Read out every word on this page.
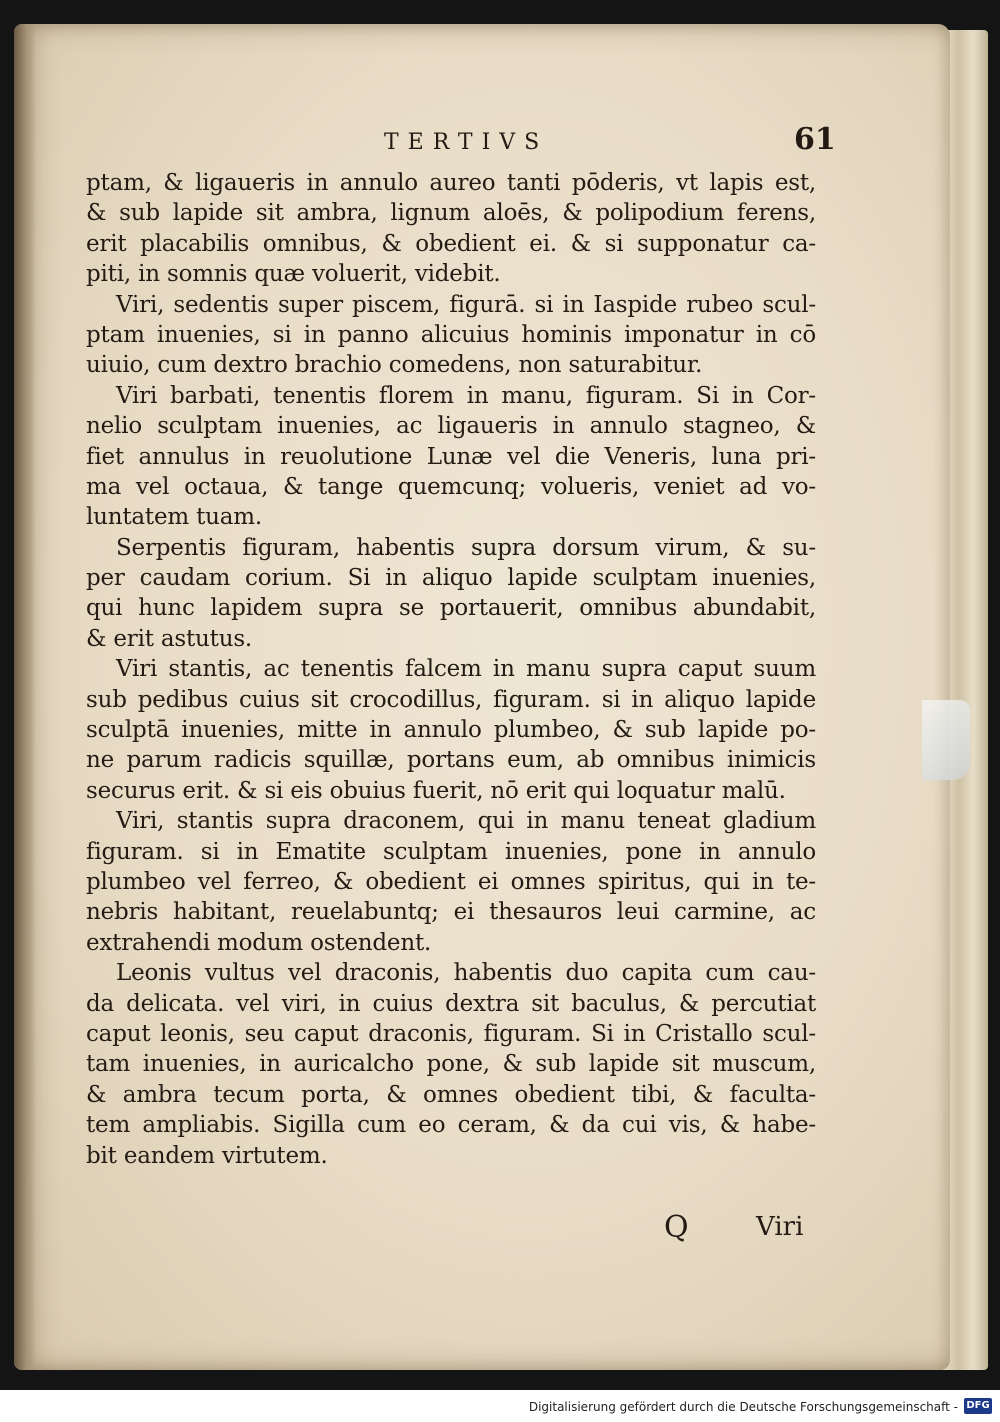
TERTIVS	61
ptam, & ligaueris in annulo aureo tanti pōderis, vt lapis est,
& sub lapide sit ambra, lignum aloēs, & polipodium ferens,
erit placabilis omnibus, & obedient ei. & si supponatur ca-
piti, in somnis quæ voluerit, videbit.
Viri, sedentis super piscem, figurā. si in Iaspide rubeo scul-
ptam inuenies, si in panno alicuius hominis imponatur in cō
uiuio, cum dextro brachio comedens, non saturabitur.
Viri barbati, tenentis florem in manu, figuram. Si in Cor-
nelio sculptam inuenies, ac ligaueris in annulo stagneo, &
fiet annulus in reuolutione Lunæ vel die Veneris, luna pri-
ma vel octaua, & tange quemcunq; volueris, veniet ad vo-
luntatem tuam.
Serpentis figuram, habentis supra dorsum virum, & su-
per caudam corium. Si in aliquo lapide sculptam inuenies,
qui hunc lapidem supra se portauerit, omnibus abundabit,
& erit astutus.
Viri stantis, ac tenentis falcem in manu supra caput suum
sub pedibus cuius sit crocodillus, figuram. si in aliquo lapide
sculptā inuenies, mitte in annulo plumbeo, & sub lapide po-
ne parum radicis squillæ, portans eum, ab omnibus inimicis
securus erit. & si eis obuius fuerit, nō erit qui loquatur malū.
Viri, stantis supra draconem, qui in manu teneat gladium
figuram. si in Ematite sculptam inuenies, pone in annulo
plumbeo vel ferreo, & obedient ei omnes spiritus, qui in te-
nebris habitant, reuelabuntq; ei thesauros leui carmine, ac
extrahendi modum ostendent.
Leonis vultus vel draconis, habentis duo capita cum cau-
da delicata. vel viri, in cuius dextra sit baculus, & percutiat
caput leonis, seu caput draconis, figuram. Si in Cristallo scul-
tam inuenies, in auricalcho pone, & sub lapide sit muscum,
& ambra tecum porta, & omnes obedient tibi, & faculta-
tem ampliabis. Sigilla cum eo ceram, & da cui vis, & habe-
bit eandem virtutem.
Q	Viri
Digitalisierung gefördert durch die Deutsche Forschungsgemeinschaft - DFG
